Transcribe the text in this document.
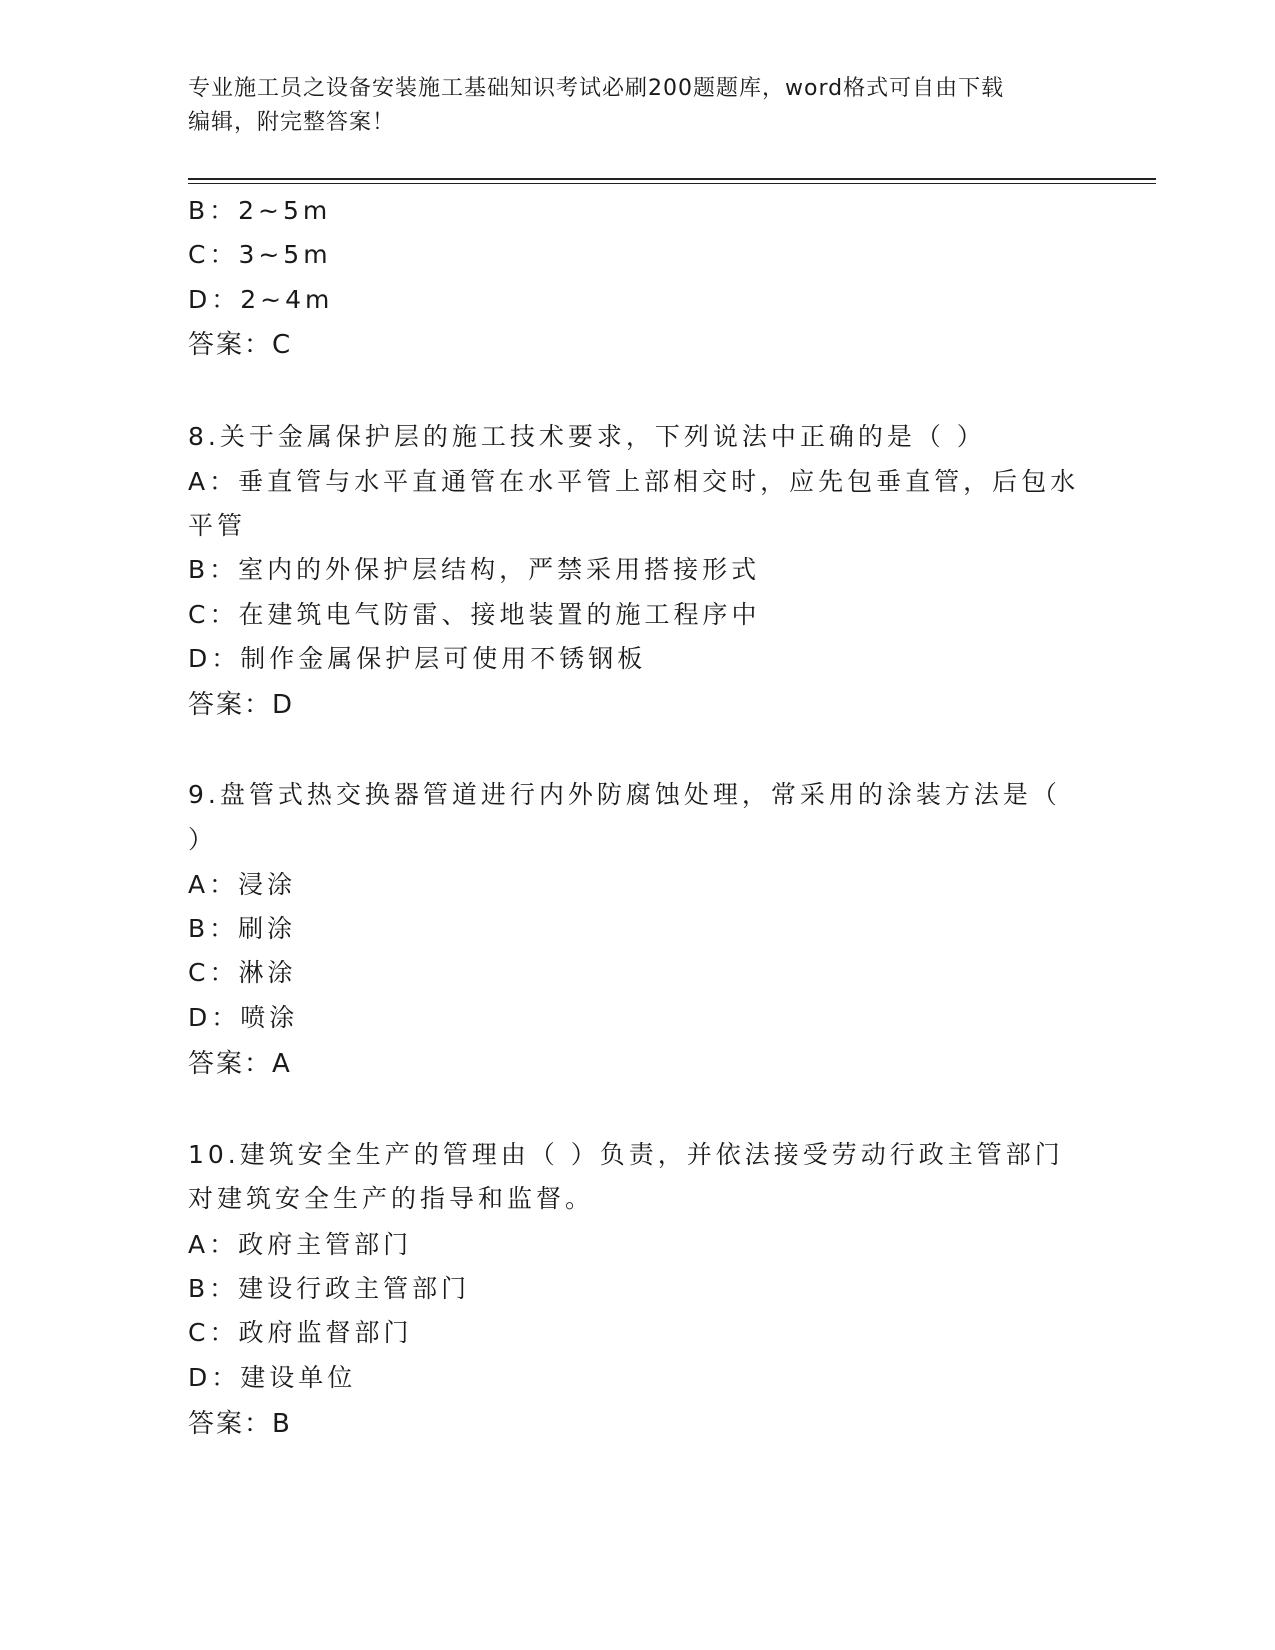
专业施工员之设备安装施工基础知识考试必刷200题题库，word格式可自由下载
编辑，附完整答案！
B：2~5m
C：3~5m
D：2~4m
答案：C
8.关于金属保护层的施工技术要求，下列说法中正确的是（ ）
A：垂直管与水平直通管在水平管上部相交时，应先包垂直管，后包水
平管
B：室内的外保护层结构，严禁采用搭接形式
C：在建筑电气防雷、接地装置的施工程序中
D：制作金属保护层可使用不锈钢板
答案：D
9.盘管式热交换器管道进行内外防腐蚀处理，常采用的涂装方法是（
）
A：浸涂
B：刷涂
C：淋涂
D：喷涂
答案：A
10.建筑安全生产的管理由（ ）负责，并依法接受劳动行政主管部门
对建筑安全生产的指导和监督。
A：政府主管部门
B：建设行政主管部门
C：政府监督部门
D：建设单位
答案：B
